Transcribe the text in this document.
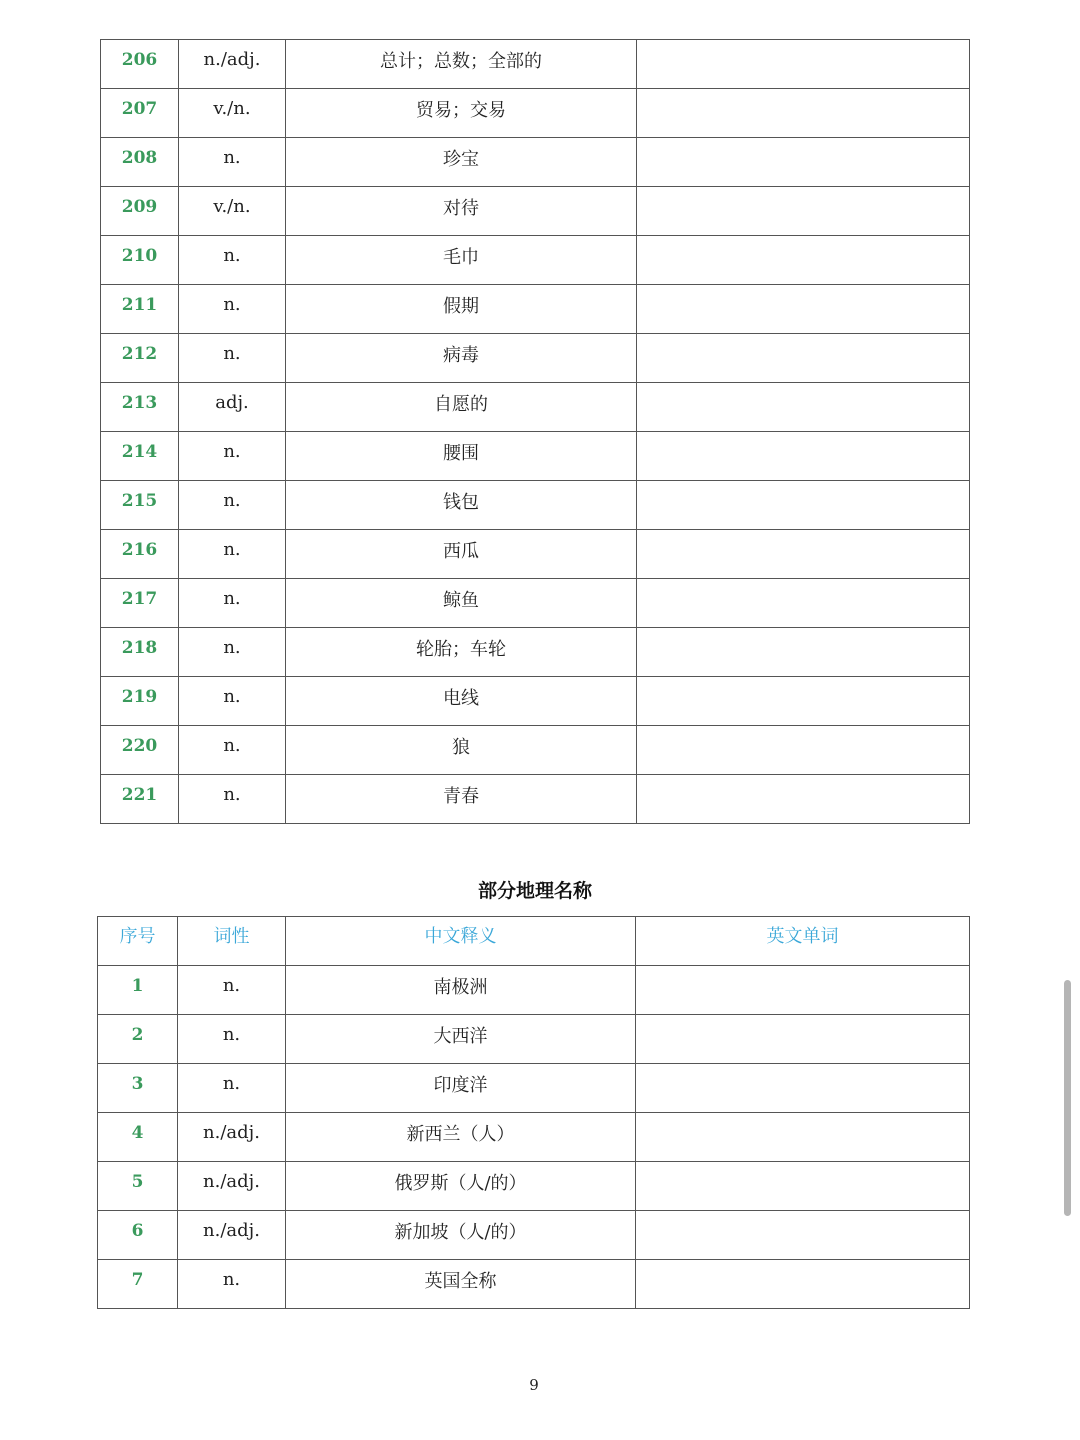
206	n./adj.	总计；总数；全部的	

207	v./n.	贸易；交易	

208	n.	珍宝	

209	v./n.	对待	

210	n.	毛巾	

211	n.	假期	

212	n.	病毒	

213	adj.	自愿的	

214	n.	腰围	

215	n.	钱包	

216	n.	西瓜	

217	n.	鲸鱼	

218	n.	轮胎；车轮	

219	n.	电线	

220	n.	狼	

221	n.	青春	

部分地理名称
序号	词性	中文释义	英文单词

1	n.	南极洲	

2	n.	大西洋	

3	n.	印度洋	

4	n./adj.	新西兰（人）	

5	n./adj.	俄罗斯（人/的）	

6	n./adj.	新加坡（人/的）	

7	n.	英国全称	

9
